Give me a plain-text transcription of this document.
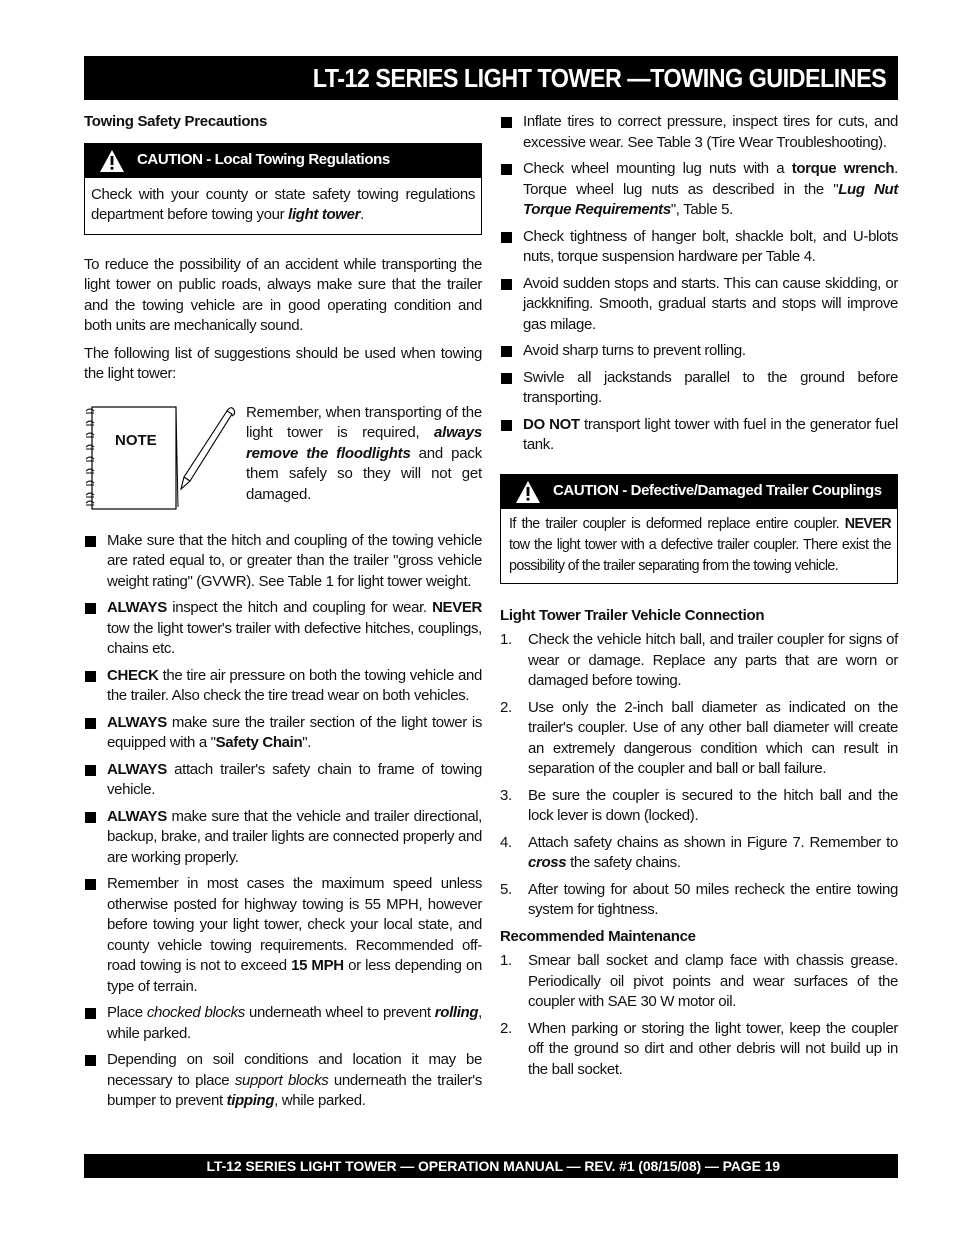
LT-12 SERIES LIGHT TOWER —TOWING GUIDELINES
Towing Safety Precautions
CAUTION - Local Towing Regulations
Check with your county or state safety towing regulations department before towing your light tower.

To reduce the possibility of an accident while transporting the light tower on public roads, always make sure that the trailer and the towing vehicle are in good operating condition and both units are mechanically sound.

The following list of suggestions should be used when towing the light tower:

NOTE
Remember, when transporting of the light tower is required, always remove the floodlights and pack them safely so they will not get damaged.
Make sure that the hitch and coupling of the towing vehicle are rated equal to, or greater than the trailer "gross vehicle weight rating" (GVWR). See Table 1 for light tower weight.
ALWAYS inspect the hitch and coupling for wear. NEVER tow the light tower's trailer with defective hitches, couplings, chains etc.
CHECK the tire air pressure on both the towing vehicle and the trailer. Also check the tire tread wear on both vehicles.
ALWAYS make sure the trailer section of the light tower is equipped with a "Safety Chain".
ALWAYS attach trailer's safety chain to frame of towing vehicle.
ALWAYS make sure that the vehicle and trailer directional, backup, brake, and trailer lights are connected properly and are working properly.
Remember in most cases the maximum speed unless otherwise posted for highway towing is 55 MPH, however before towing your light tower, check your local state, and county vehicle towing requirements. Recommended off-road towing is not to exceed 15 MPH or less depending on type of terrain.
Place chocked blocks underneath wheel to prevent rolling, while parked.
Depending on soil conditions and location it may be necessary to place support blocks underneath the trailer's bumper to prevent tipping, while parked.
Inflate tires to correct pressure, inspect tires for cuts, and excessive wear. See Table 3 (Tire Wear Troubleshooting).
Check wheel mounting lug nuts with a torque wrench. Torque wheel lug nuts as described in the "Lug Nut Torque Requirements", Table 5.
Check tightness of hanger bolt, shackle bolt, and U-blots nuts, torque suspension hardware per Table 4.
Avoid sudden stops and starts. This can cause skidding, or jackknifing. Smooth, gradual starts and stops will improve gas milage.
Avoid sharp turns to prevent rolling.
Swivle all jackstands parallel to the ground before transporting.
DO NOT transport light tower with fuel in the generator fuel tank.
CAUTION - Defective/Damaged Trailer Couplings
If the trailer coupler is deformed replace entire coupler. NEVER tow the light tower with a defective trailer coupler. There exist the possibility of the trailer separating from the towing vehicle.
Light Tower Trailer Vehicle Connection
1. Check the vehicle hitch ball, and trailer coupler for signs of wear or damage. Replace any parts that are worn or damaged before towing.
2. Use only the 2-inch ball diameter as indicated on the trailer's coupler. Use of any other ball diameter will create an extremely dangerous condition which can result in separation of the coupler and ball or ball failure.
3. Be sure the coupler is secured to the hitch ball and the lock lever is down (locked).
4. Attach safety chains as shown in Figure 7. Remember to cross the safety chains.
5. After towing for about 50 miles recheck the entire towing system for tightness.
Recommended Maintenance
1. Smear ball socket and clamp face with chassis grease. Periodically oil pivot points and wear surfaces of the coupler with SAE 30 W motor oil.
2. When parking or storing the light tower, keep the coupler off the ground so dirt and other debris will not build up in the ball socket.
LT-12 SERIES LIGHT TOWER — OPERATION MANUAL — REV. #1 (08/15/08) — PAGE 19
